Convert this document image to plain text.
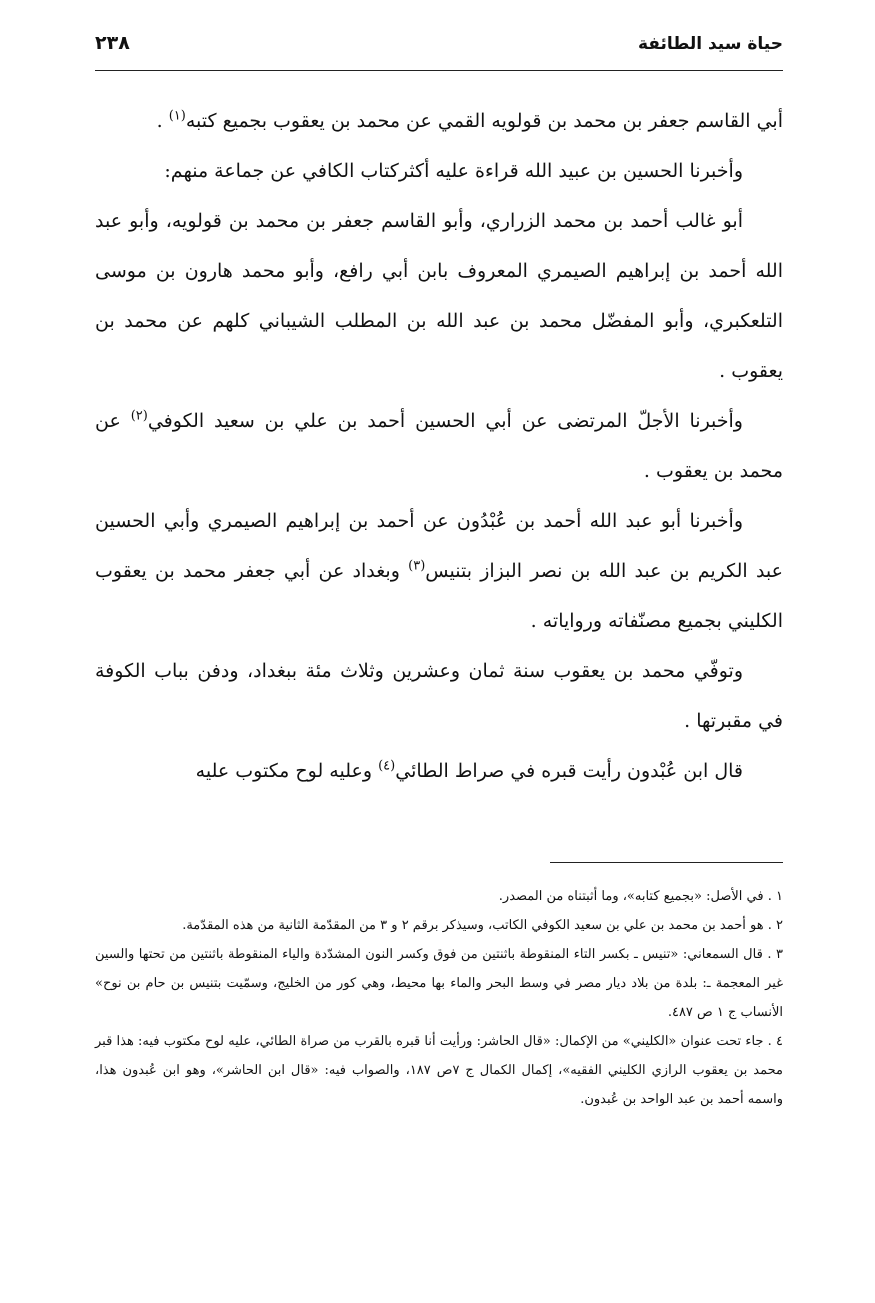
حياة سيد الطائفة
٢٣٨

أبي القاسم جعفر بن محمد بن قولويه القمي عن محمد بن يعقوب بجميع كتبه$^{(١)}$ .

وأخبرنا الحسين بن عبيد الله قراءة عليه أكثركتاب الكافي عن جماعة منهم:

أبو غالب أحمد بن محمد الزراري، وأبو القاسم جعفر بن محمد بن قولويه، وأبو عبد الله أحمد بن إبراهيم الصيمري المعروف بابن أبي رافع، وأبو محمد هارون بن موسى التلعكبري، وأبو المفضّل محمد بن عبد الله بن المطلب الشيباني كلهم عن محمد بن يعقوب .

وأخبرنا الأجلّ المرتضى عن أبي الحسين أحمد بن علي بن سعيد الكوفي$^{(٢)}$ عن محمد بن يعقوب .

وأخبرنا أبو عبد الله أحمد بن عُبْدُون عن أحمد بن إبراهيم الصيمري وأبي الحسين عبد الكريم بن عبد الله بن نصر البزاز بتنيس$^{(٣)}$ وبغداد عن أبي جعفر محمد بن يعقوب الكليني بجميع مصنّفاته ورواياته .

وتوفّي محمد بن يعقوب سنة ثمان وعشرين وثلاث مئة ببغداد، ودفن بباب الكوفة في مقبرتها .

قال ابن عُبْدون رأيت قبره في صراط الطائي$^{(٤)}$ وعليه لوح مكتوب عليه

١ . في الأصل: «بجميع كتابه»، وما أثبتناه من المصدر.

٢ . هو أحمد بن محمد بن علي بن سعيد الكوفي الكاتب، وسيذكر برقم ٢ و ٣ من المقدّمة الثانية من هذه المقدّمة.

٣ . قال السمعاني: «تنيس ـ بكسر التاء المنقوطة باثنتين من فوق وكسر النون المشدّدة والياء المنقوطة باثنتين من تحتها والسين غير المعجمة ـ: بلدة من بلاد ديار مصر في وسط البحر والماء بها محيط، وهي كور من الخليج، وسمّيت بتنيس بن حام بن نوح» الأنساب ج ١ ص ٤٨٧.

٤ . جاء تحت عنوان «الكليني» من الإكمال: «قال الحاشر: ورأيت أنا قبره بالقرب من صراة الطائي، عليه لوح مكتوب فيه: هذا قبر محمد بن يعقوب الرازي الكليني الفقيه»، إكمال الكمال ج ٧ص ١٨٧، والصواب فيه: «قال ابن الحاشر»، وهو ابن عُبدون هذا، واسمه أحمد بن عبد الواحد بن عُبدون.
